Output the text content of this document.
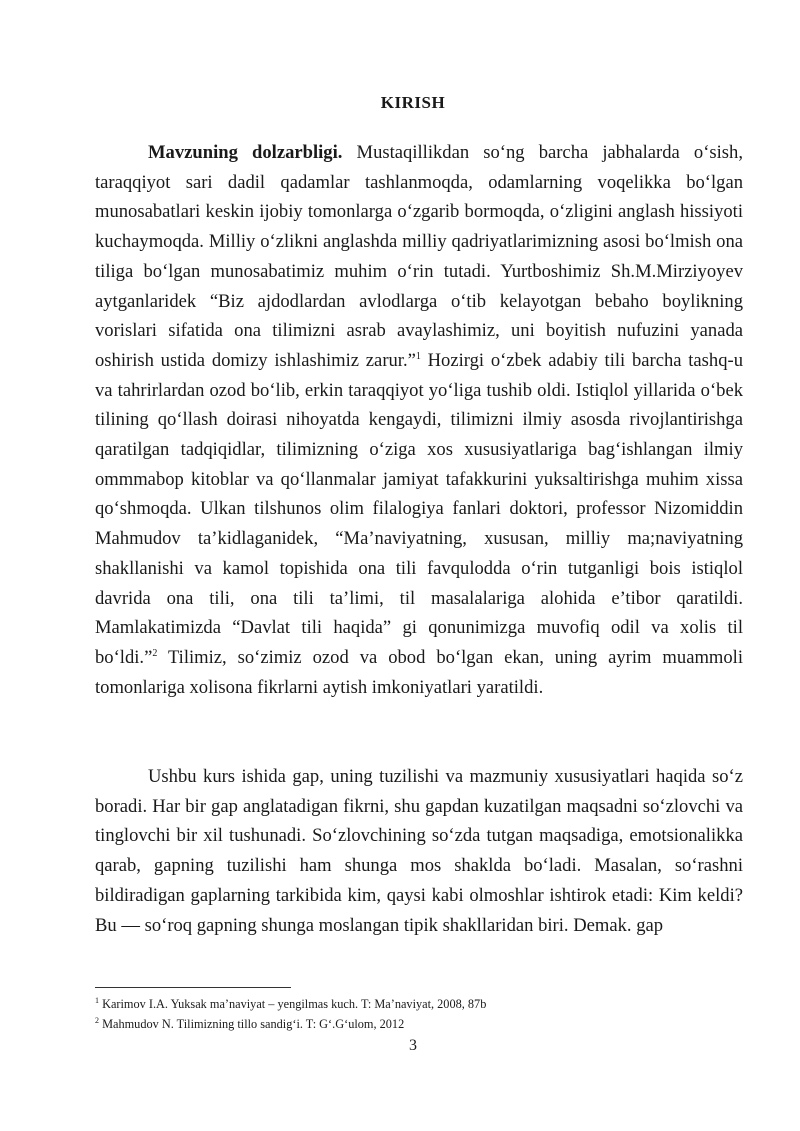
KIRISH

Mavzuning dolzarbligi. Mustaqillikdan so‘ng barcha jabhalarda o‘sish, taraqqiyot sari dadil qadamlar tashlanmoqda, odamlarning voqelikka bo‘lgan munosabatlari keskin ijobiy tomonlarga o‘zgarib bormoqda, o‘zligini anglash hissiyoti kuchaymoqda. Milliy o‘zlikni anglashda milliy qadriyatlarimizning asosi bo‘lmish ona tiliga bo‘lgan munosabatimiz muhim o‘rin tutadi. Yurtboshimiz Sh.M.Mirziyoyev aytganlaridek “Biz ajdodlardan avlodlarga o‘tib kelayotgan bebaho boylikning vorislari sifatida ona tilimizni asrab avaylashimiz, uni boyitish nufuzini yanada oshirish ustida domizy ishlashimiz zarur.”$^1$ Hozirgi o‘zbek adabiy tili barcha tashq-u va tahrirlardan ozod bo‘lib, erkin taraqqiyot yo‘liga tushib oldi. Istiqlol yillarida o‘bek tilining qo‘llash doirasi nihoyatda kengaydi, tilimizni ilmiy asosda rivojlantirishga qaratilgan tadqiqidlar, tilimizning o‘ziga xos xususiyatlariga bag‘ishlangan ilmiy ommmabop kitoblar va qo‘llanmalar jamiyat tafakkurini yuksaltirishga muhim xissa qo‘shmoqda. Ulkan tilshunos olim filalogiya fanlari doktori, professor Nizomiddin Mahmudov ta’kidlaganidek, “Ma’naviyatning, xususan, milliy ma;naviyatning shakllanishi va kamol topishida ona tili favqulodda o‘rin tutganligi bois istiqlol davrida ona tili, ona tili ta’limi, til masalalariga alohida e’tibor qaratildi. Mamlakatimizda “Davlat tili haqida” gi qonunimizga muvofiq odil va xolis til bo‘ldi.”$^2$ Tilimiz, so‘zimiz ozod va obod bo‘lgan ekan, uning ayrim muammoli tomonlariga xolisona fikrlarni aytish imkoniyatlari yaratildi.

Ushbu kurs ishida gap, uning tuzilishi va mazmuniy xususiyatlari haqida so‘z boradi. Har bir gap anglatadigan fikrni, shu gapdan kuzatilgan maqsadni so‘zlovchi va tinglovchi bir xil tushunadi. So‘zlovchining so‘zda tutgan maqsadiga, emotsionalikka qarab, gapning tuzilishi ham shunga mos shaklda bo‘ladi. Masalan, so‘rashni bildiradigan gaplarning tarkibida kim, qaysi kabi olmoshlar ishtirok etadi: Kim keldi? Bu — so‘roq gapning shunga moslangan tipik shakllaridan biri. Demak. gap

$^1$ Karimov I.A. Yuksak ma’naviyat – yengilmas kuch. T: Ma’naviyat, 2008, 87b
$^2$ Mahmudov N. Tilimizning tillo sandig‘i. T: G‘.G‘ulom, 2012
3
